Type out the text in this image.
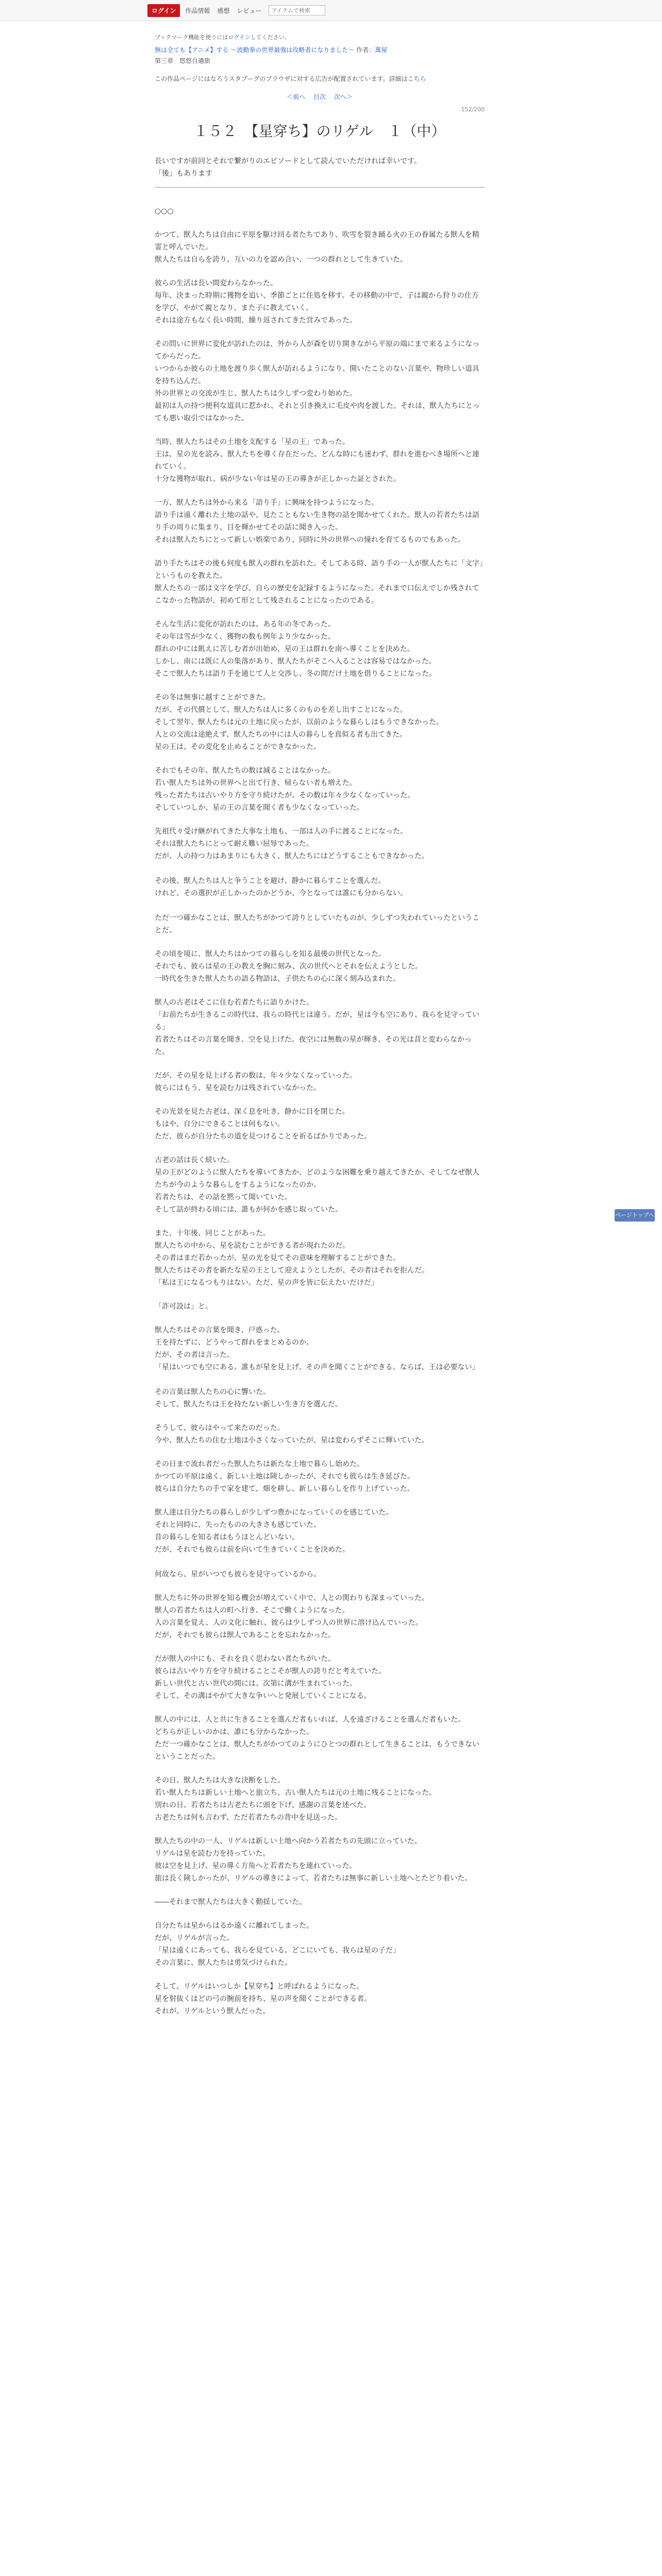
ログイン	作品情報 感想 レビュー
アイテムで検索

ブックマーク機能を使うにはログインしてください。

無は全ても【アニメ】する ～波動拳の世界最強は攻略者になりました～ 作者：萬屋

第三章　悠悠自適旅

この作品ページにはなろうスタブーグのブラウザに対する広告が配置されています。詳細はこちら

＜前へ 目次 次へ＞
152/200
１５２　【星穿ち】のリゲル　１（中）
長いですが前回とそれで繋がりのエピソードとして読んでいただければ幸いです。
「後」もあります

○○○

かつて、獣人たちは自由に平原を駆け回る者たちであり、吹雪を裂き踊る火の王の眷属たる獣人を精霊と呼んでいた。
獣人たちは自らを誇り、互いの力を認め合い、一つの群れとして生きていた。

彼らの生活は長い間変わらなかった。
毎年、決まった時期に獲物を追い、季節ごとに住処を移す。その移動の中で、子は親から狩りの仕方を学び、やがて親となり、また子に教えていく。
それは途方もなく長い時間、繰り返されてきた営みであった。

その問いに世界に変化が訪れたのは、外から人が森を切り開きながら平原の端にまで来るようになってからだった。
いつからか彼らの土地を渡り歩く獣人が訪れるようになり、開いたことのない言葉や、物珍しい道具を持ち込んだ。
外の世界との交流が生じ、獣人たちは少しずつ変わり始めた。
最初は人の持つ便利な道具に惹かれ、それと引き換えに毛皮や肉を渡した。それは、獣人たちにとっても悪い取引ではなかった。

当時、獣人たちはその土地を支配する「星の王」であった。
王は、星の光を読み、獣人たちを導く存在だった。どんな時にも迷わず、群れを進むべき場所へと連れていく。
十分な獲物が取れ、病が少ない年は星の王の導きが正しかった証とされた。

一方、獣人たちは外から来る「語り手」に興味を持つようになった。
語り手は遠く離れた土地の話や、見たこともない生き物の話を聞かせてくれた。獣人の若者たちは語り手の周りに集まり、目を輝かせてその話に聞き入った。
それは獣人たちにとって新しい娯楽であり、同時に外の世界への憧れを育てるものでもあった。

語り手たちはその後も何度も獣人の群れを訪れた。そしてある時、語り手の一人が獣人たちに「文字」というものを教えた。
獣人たちの一部は文字を学び、自らの歴史を記録するようになった。それまで口伝えでしか残されてこなかった物語が、初めて形として残されることになったのである。

そんな生活に変化が訪れたのは、ある年の冬であった。
その年は雪が少なく、獲物の数も例年より少なかった。
群れの中には飢えに苦しむ者が出始め、星の王は群れを南へ導くことを決めた。
しかし、南には既に人の集落があり、獣人たちがそこへ入ることは容易ではなかった。
そこで獣人たちは語り手を通じて人と交渉し、冬の間だけ土地を借りることになった。

その冬は無事に越すことができた。
だが、その代償として、獣人たちは人に多くのものを差し出すことになった。
そして翌年、獣人たちは元の土地に戻ったが、以前のような暮らしはもうできなかった。
人との交流は途絶えず、獣人たちの中には人の暮らしを真似る者も出てきた。
星の王は、その変化を止めることができなかった。

それでもその年、獣人たちの数は減ることはなかった。
若い獣人たちは外の世界へと出て行き、帰らない者も増えた。
残った者たちは古いやり方を守り続けたが、その数は年々少なくなっていった。
そしていつしか、星の王の言葉を聞く者も少なくなっていった。

先祖代々受け継がれてきた大事な土地も、一部は人の手に渡ることになった。
それは獣人たちにとって耐え難い屈辱であった。
だが、人の持つ力はあまりにも大きく、獣人たちにはどうすることもできなかった。

その後、獣人たちは人と争うことを避け、静かに暮らすことを選んだ。
けれど、その選択が正しかったのかどうか、今となっては誰にも分からない。

ただ一つ確かなことは、獣人たちがかつて誇りとしていたものが、少しずつ失われていったということだ。

その頃を境に、獣人たちはかつての暮らしを知る最後の世代となった。
それでも、彼らは星の王の教えを胸に刻み、次の世代へとそれを伝えようとした。
一時代を生きた獣人たちの語る物語は、子供たちの心に深く刻み込まれた。

獣人の古老はそこに住む若者たちに語りかけた。
「お前たちが生きるこの時代は、我らの時代とは違う。だが、星は今も空にあり、我らを見守っている」
若者たちはその言葉を聞き、空を見上げた。夜空には無数の星が輝き、その光は昔と変わらなかった。

だが、その星を見上げる者の数は、年々少なくなっていった。
彼らにはもう、星を読む力は残されていなかった。

その光景を見た古老は、深く息を吐き、静かに目を閉じた。
もはや、自分にできることは何もない。
ただ、彼らが自分たちの道を見つけることを祈るばかりであった。

古老の話は長く続いた。
星の王がどのように獣人たちを導いてきたか、どのような困難を乗り越えてきたか、そしてなぜ獣人たちが今のような暮らしをするようになったのか。
若者たちは、その話を黙って聞いていた。
そして話が終わる頃には、誰もが何かを感じ取っていた。

また、十年後、同じことがあった。
獣人たちの中から、星を読むことができる者が現れたのだ。
その者はまだ若かったが、星の光を見てその意味を理解することができた。
獣人たちはその者を新たな星の王として迎えようとしたが、その者はそれを拒んだ。
「私は王になるつもりはない。ただ、星の声を皆に伝えたいだけだ」

「詐可設は」と。

獣人たちはその言葉を聞き、戸惑った。
王を持たずに、どうやって群れをまとめるのか。
だが、その者は言った。
「星はいつでも空にある。誰もが星を見上げ、その声を聞くことができる。ならば、王は必要ない」

その言葉は獣人たちの心に響いた。
そして、獣人たちは王を持たない新しい生き方を選んだ。

そうして、彼らはやって来たのだった。
今や、獣人たちの住む土地は小さくなっていたが、星は変わらずそこに輝いていた。

その日まで流れ者だった獣人たちは新たな土地で暮らし始めた。
かつての平原は遠く、新しい土地は険しかったが、それでも彼らは生き延びた。
彼らは自分たちの手で家を建て、畑を耕し、新しい暮らしを作り上げていった。

獣人達は自分たちの暮らしが少しずつ豊かになっていくのを感じていた。
それと同時に、失ったものの大きさも感じていた。
昔の暮らしを知る者はもうほとんどいない。
だが、それでも彼らは前を向いて生きていくことを決めた。

何故なら、星がいつでも彼らを見守っているから。

獣人たちに外の世界を知る機会が増えていく中で、人との関わりも深まっていった。
獣人の若者たちは人の町へ行き、そこで働くようになった。
人の言葉を覚え、人の文化に触れ、彼らは少しずつ人の世界に溶け込んでいった。
だが、それでも彼らは獣人であることを忘れなかった。

だが獣人の中にも、それを良く思わない者たちがいた。
彼らは古いやり方を守り続けることこそが獣人の誇りだと考えていた。
新しい世代と古い世代の間には、次第に溝が生まれていった。
そして、その溝はやがて大きな争いへと発展していくことになる。

獣人の中には、人と共に生きることを選んだ者もいれば、人を遠ざけることを選んだ者もいた。
どちらが正しいのかは、誰にも分からなかった。
ただ一つ確かなことは、獣人たちがかつてのようにひとつの群れとして生きることは、もうできないということだった。

その日、獣人たちは大きな決断をした。
若い獣人たちは新しい土地へと旅立ち、古い獣人たちは元の土地に残ることになった。
別れの日、若者たちは古老たちに頭を下げ、感謝の言葉を述べた。
古老たちは何も言わず、ただ若者たちの背中を見送った。

獣人たちの中の一人、リゲルは新しい土地へ向かう若者たちの先頭に立っていた。
リゲルは星を読む力を持っていた。
彼は空を見上げ、星の導く方角へと若者たちを連れていった。
旅は長く険しかったが、リゲルの導きによって、若者たちは無事に新しい土地へとたどり着いた。

――それまで獣人たちは大きく動揺していた。

自分たちは星からはるか遠くに離れてしまった。
だが、リゲルが言った。
「星は遠くにあっても、我らを見ている。どこにいても、我らは星の子だ」
その言葉に、獣人たちは勇気づけられた。

そして、リゲルはいつしか【星穿ち】と呼ばれるようになった。
星を射抜くほどの弓の腕前を持ち、星の声を聞くことができる者。
それが、リゲルという獣人だった。

ページトップへ
